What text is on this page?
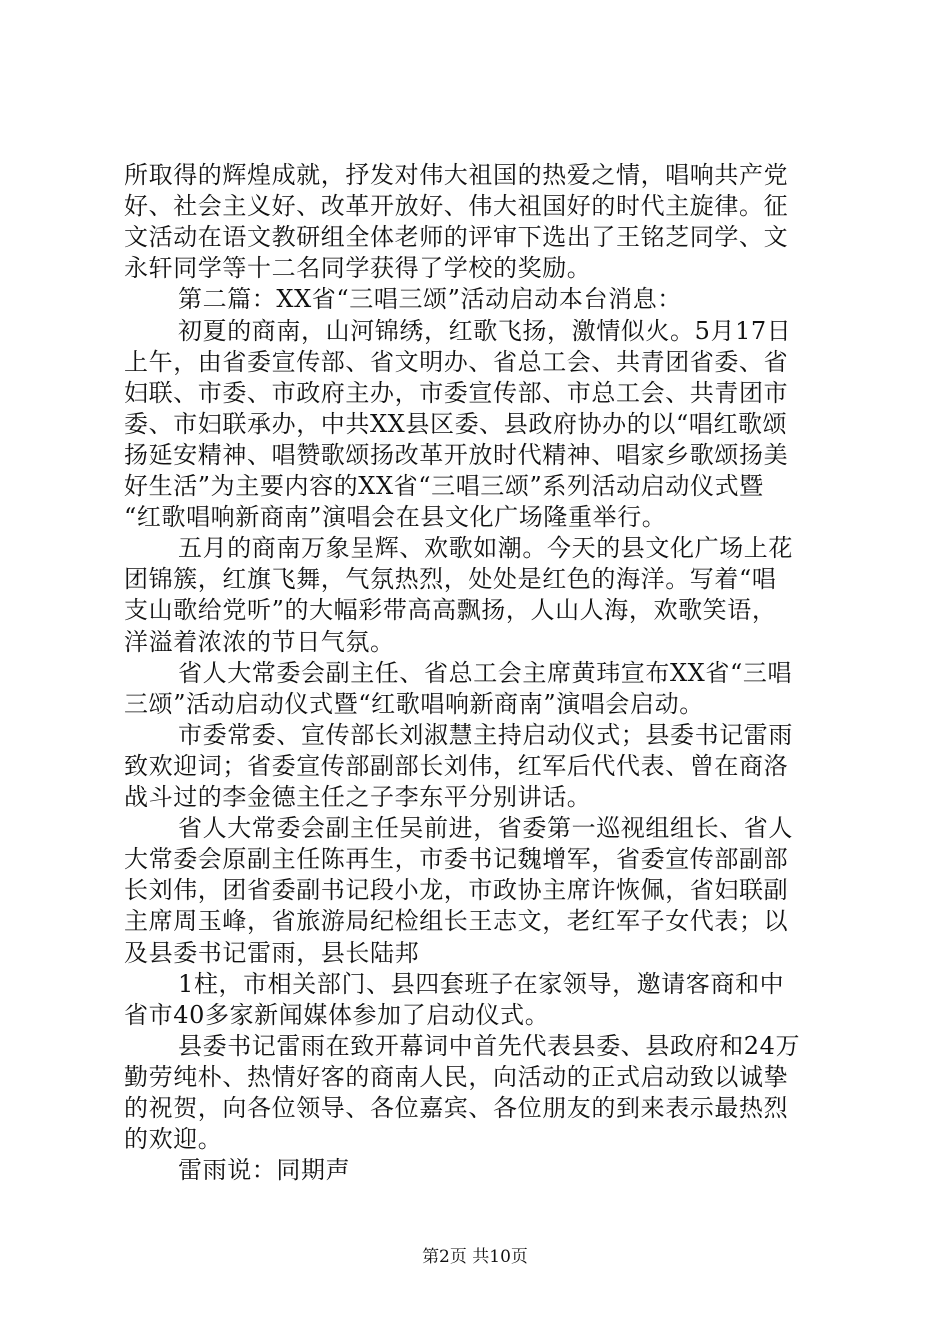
所取得的辉煌成就，抒发对伟大祖国的热爱之情，唱响共产党
好、社会主义好、改革开放好、伟大祖国好的时代主旋律。征
文活动在语文教研组全体老师的评审下选出了王铭芝同学、文
永轩同学等十二名同学获得了学校的奖励。
第二篇：XX省“三唱三颂”活动启动本台消息：
初夏的商南，山河锦绣，红歌飞扬，激情似火。5月17日
上午，由省委宣传部、省文明办、省总工会、共青团省委、省
妇联、市委、市政府主办，市委宣传部、市总工会、共青团市
委、市妇联承办，中共XX县区委、县政府协办的以“唱红歌颂
扬延安精神、唱赞歌颂扬改革开放时代精神、唱家乡歌颂扬美
好生活”为主要内容的XX省“三唱三颂”系列活动启动仪式暨
“红歌唱响新商南”演唱会在县文化广场隆重举行。
五月的商南万象呈辉、欢歌如潮。今天的县文化广场上花
团锦簇，红旗飞舞，气氛热烈，处处是红色的海洋。写着“唱
支山歌给党听”的大幅彩带高高飘扬，人山人海，欢歌笑语，
洋溢着浓浓的节日气氛。
省人大常委会副主任、省总工会主席黄玮宣布XX省“三唱
三颂”活动启动仪式暨“红歌唱响新商南”演唱会启动。
市委常委、宣传部长刘淑慧主持启动仪式；县委书记雷雨
致欢迎词；省委宣传部副部长刘伟，红军后代代表、曾在商洛
战斗过的李金德主任之子李东平分别讲话。
省人大常委会副主任吴前进，省委第一巡视组组长、省人
大常委会原副主任陈再生，市委书记魏增军，省委宣传部副部
长刘伟，团省委副书记段小龙，市政协主席许恢佩，省妇联副
主席周玉峰，省旅游局纪检组长王志文，老红军子女代表；以
及县委书记雷雨，县长陆邦
1柱，市相关部门、县四套班子在家领导，邀请客商和中
省市40多家新闻媒体参加了启动仪式。
县委书记雷雨在致开幕词中首先代表县委、县政府和24万
勤劳纯朴、热情好客的商南人民，向活动的正式启动致以诚挚
的祝贺，向各位领导、各位嘉宾、各位朋友的到来表示最热烈
的欢迎。
雷雨说：同期声
第2页 共10页
